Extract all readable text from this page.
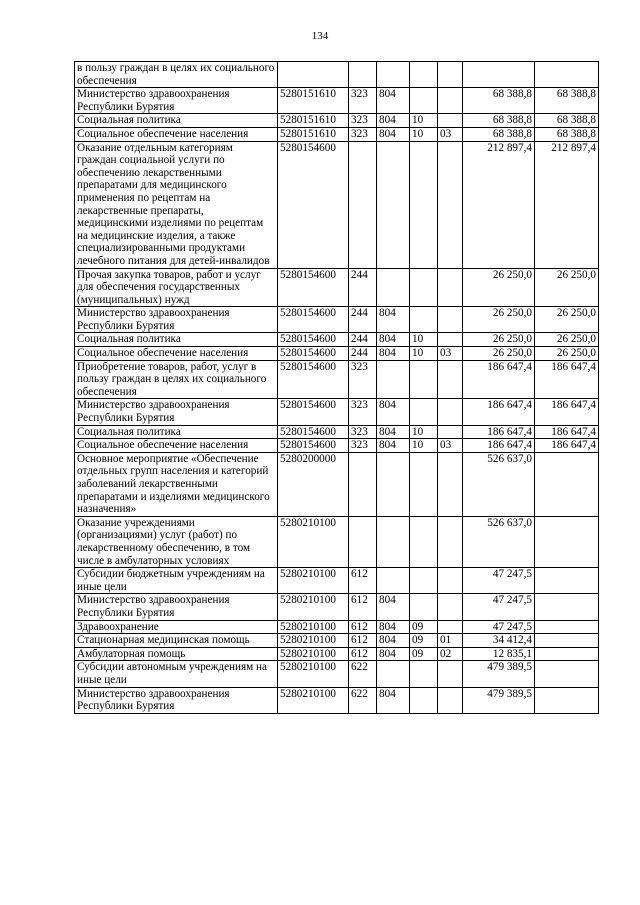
134
в пользу граждан в целях их социального обеспечения							
Министерство здравоохранения Республики Бурятия	5280151610	323	804			68 388,8	68 388,8
Социальная политика	5280151610	323	804	10		68 388,8	68 388,8
Социальное обеспечение населения	5280151610	323	804	10	03	68 388,8	68 388,8
Оказание отдельным категориям граждан социальной услуги по обеспечению лекарственными препаратами для медицинского применения по рецептам на лекарственные препараты, медицинскими изделиями по рецептам на медицинские изделия, а также специализированными продуктами лечебного питания для детей-инвалидов	5280154600					212 897,4	212 897,4
Прочая закупка товаров, работ и услуг для обеспечения государственных (муниципальных) нужд	5280154600	244				26 250,0	26 250,0
Министерство здравоохранения Республики Бурятия	5280154600	244	804			26 250,0	26 250,0
Социальная политика	5280154600	244	804	10		26 250,0	26 250,0
Социальное обеспечение населения	5280154600	244	804	10	03	26 250,0	26 250,0
Приобретение товаров, работ, услуг в пользу граждан в целях их социального обеспечения	5280154600	323				186 647,4	186 647,4
Министерство здравоохранения Республики Бурятия	5280154600	323	804			186 647,4	186 647,4
Социальная политика	5280154600	323	804	10		186 647,4	186 647,4
Социальное обеспечение населения	5280154600	323	804	10	03	186 647,4	186 647,4
Основное мероприятие «Обеспечение отдельных групп населения и категорий заболеваний лекарственными препаратами и изделиями медицинского назначения»	5280200000					526 637,0	
Оказание учреждениями (организациями) услуг (работ) по лекарственному обеспечению, в том числе в амбулаторных условиях	5280210100					526 637,0	
Субсидии бюджетным учреждениям на иные цели	5280210100	612				47 247,5	
Министерство здравоохранения Республики Бурятия	5280210100	612	804			47 247,5	
Здравоохранение	5280210100	612	804	09		47 247,5	
Стационарная медицинская помощь	5280210100	612	804	09	01	34 412,4	
Амбулаторная помощь	5280210100	612	804	09	02	12 835,1	
Субсидии автономным учреждениям на иные цели	5280210100	622				479 389,5	
Министерство здравоохранения Республики Бурятия	5280210100	622	804			479 389,5	
